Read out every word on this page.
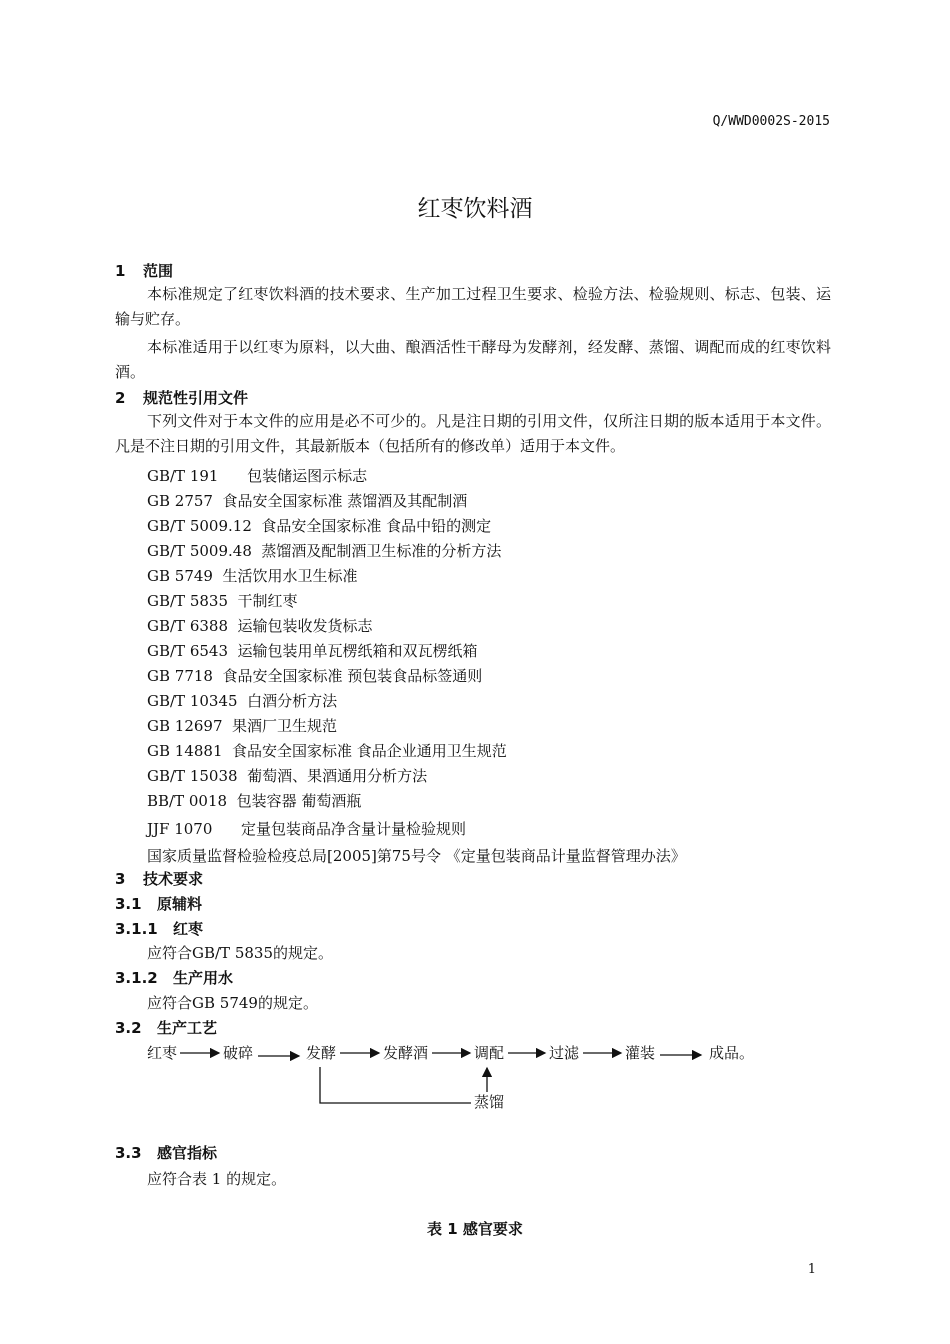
Q/WWD0002S-2015
红枣饮料酒
1 范围
本标准规定了红枣饮料酒的技术要求、生产加工过程卫生要求、检验方法、检验规则、标志、包装、运输与贮存。
本标准适用于以红枣为原料，以大曲、酿酒活性干酵母为发酵剂，经发酵、蒸馏、调配而成的红枣饮料酒。
2 规范性引用文件
下列文件对于本文件的应用是必不可少的。凡是注日期的引用文件，仅所注日期的版本适用于本文件。凡是不注日期的引用文件，其最新版本（包括所有的修改单）适用于本文件。
GB/T 191      包装储运图示标志
GB 2757  食品安全国家标准 蒸馏酒及其配制酒
GB/T 5009.12  食品安全国家标准 食品中铅的测定
GB/T 5009.48  蒸馏酒及配制酒卫生标准的分析方法
GB 5749  生活饮用水卫生标准
GB/T 5835  干制红枣
GB/T 6388  运输包装收发货标志
GB/T 6543  运输包装用单瓦楞纸箱和双瓦楞纸箱
GB 7718  食品安全国家标准 预包装食品标签通则
GB/T 10345  白酒分析方法
GB 12697  果酒厂卫生规范
GB 14881  食品安全国家标准 食品企业通用卫生规范
GB/T 15038  葡萄酒、果酒通用分析方法
BB/T 0018  包装容器 葡萄酒瓶
JJF 1070      定量包装商品净含量计量检验规则
国家质量监督检验检疫总局[2005]第75号令 《定量包装商品计量监督管理办法》
3 技术要求
3.1 原辅料
3.1.1 红枣
应符合GB/T 5835的规定。
3.1.2 生产用水
应符合GB 5749的规定。
3.2 生产工艺
红枣	破碎	发酵	发酵酒	调配	过滤	灌装	成品。
蒸馏
3.3 感官指标
应符合表 1 的规定。
表 1 感官要求
1
